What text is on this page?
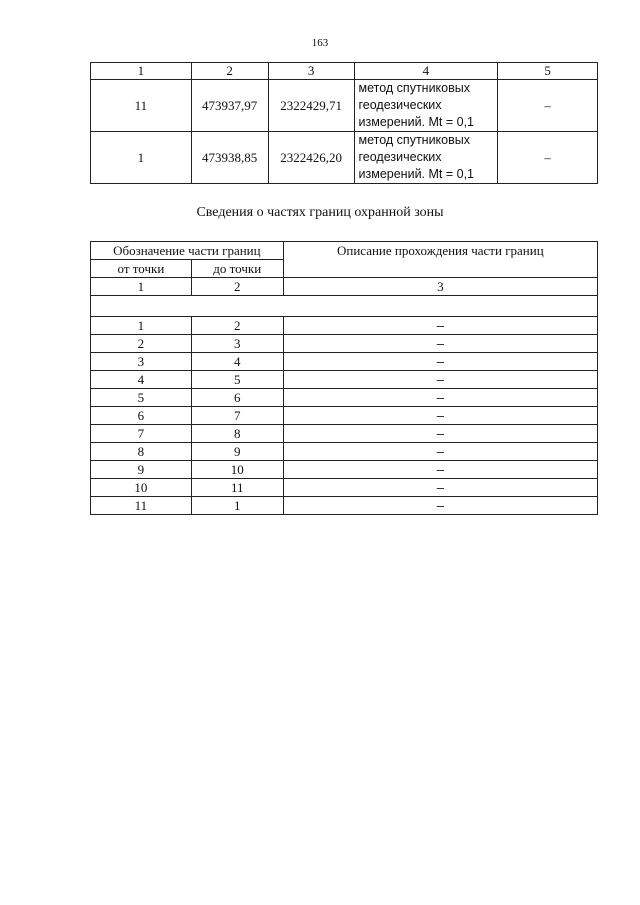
163
1	2	3	4	5
11	473937,97	2322429,71	метод спутниковых
геодезических
измерений. Mt = 0,1	–
1	473938,85	2322426,20	метод спутниковых
геодезических
измерений. Mt = 0,1	–
Сведения о частях границ охранной зоны
Обозначение части границ		Описание прохождения части границ
от точки	до точки	
1	2	3

1	2	–
2	3	–
3	4	–
4	5	–
5	6	–
6	7	–
7	8	–
8	9	–
9	10	–
10	11	–
11	1	–
